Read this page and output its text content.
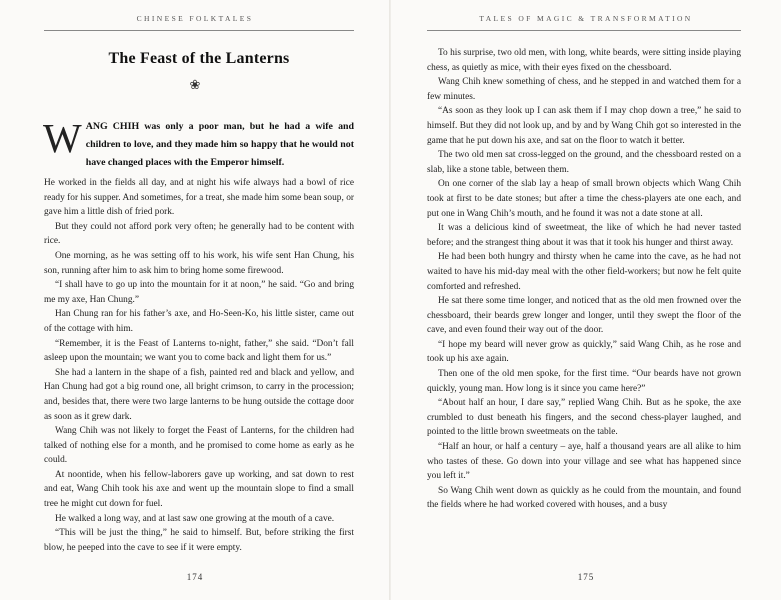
CHINESE FOLKTALES
The Feast of the Lanterns
❀
WANG CHIH was only a poor man, but he had a wife and children to love, and they made him so happy that he would not have changed places with the Emperor himself.

He worked in the fields all day, and at night his wife always had a bowl of rice ready for his supper. And sometimes, for a treat, she made him some bean soup, or gave him a little dish of fried pork.

But they could not afford pork very often; he generally had to be content with rice.

One morning, as he was setting off to his work, his wife sent Han Chung, his son, running after him to ask him to bring home some firewood.

“I shall have to go up into the mountain for it at noon,” he said. “Go and bring me my axe, Han Chung.”

Han Chung ran for his father’s axe, and Ho-Seen-Ko, his little sister, came out of the cottage with him.

“Remember, it is the Feast of Lanterns to-night, father,” she said. “Don’t fall asleep upon the mountain; we want you to come back and light them for us.”

She had a lantern in the shape of a fish, painted red and black and yellow, and Han Chung had got a big round one, all bright crimson, to carry in the procession; and, besides that, there were two large lanterns to be hung outside the cottage door as soon as it grew dark.

Wang Chih was not likely to forget the Feast of Lanterns, for the children had talked of nothing else for a month, and he promised to come home as early as he could.

At noontide, when his fellow-laborers gave up working, and sat down to rest and eat, Wang Chih took his axe and went up the mountain slope to find a small tree he might cut down for fuel.

He walked a long way, and at last saw one growing at the mouth of a cave.

“This will be just the thing,” he said to himself. But, before striking the first blow, he peeped into the cave to see if it were empty.

174
TALES OF MAGIC & TRANSFORMATION

To his surprise, two old men, with long, white beards, were sitting inside playing chess, as quietly as mice, with their eyes fixed on the chessboard.

Wang Chih knew something of chess, and he stepped in and watched them for a few minutes.

“As soon as they look up I can ask them if I may chop down a tree,” he said to himself. But they did not look up, and by and by Wang Chih got so interested in the game that he put down his axe, and sat on the floor to watch it better.

The two old men sat cross-legged on the ground, and the chessboard rested on a slab, like a stone table, between them.

On one corner of the slab lay a heap of small brown objects which Wang Chih took at first to be date stones; but after a time the chess-players ate one each, and put one in Wang Chih’s mouth, and he found it was not a date stone at all.

It was a delicious kind of sweetmeat, the like of which he had never tasted before; and the strangest thing about it was that it took his hunger and thirst away.

He had been both hungry and thirsty when he came into the cave, as he had not waited to have his mid-day meal with the other field-workers; but now he felt quite comforted and refreshed.

He sat there some time longer, and noticed that as the old men frowned over the chessboard, their beards grew longer and longer, until they swept the floor of the cave, and even found their way out of the door.

“I hope my beard will never grow as quickly,” said Wang Chih, as he rose and took up his axe again.

Then one of the old men spoke, for the first time. “Our beards have not grown quickly, young man. How long is it since you came here?”

“About half an hour, I dare say,” replied Wang Chih. But as he spoke, the axe crumbled to dust beneath his fingers, and the second chess-player laughed, and pointed to the little brown sweetmeats on the table.

“Half an hour, or half a century – aye, half a thousand years are all alike to him who tastes of these. Go down into your village and see what has happened since you left it.”

So Wang Chih went down as quickly as he could from the mountain, and found the fields where he had worked covered with houses, and a busy

175
